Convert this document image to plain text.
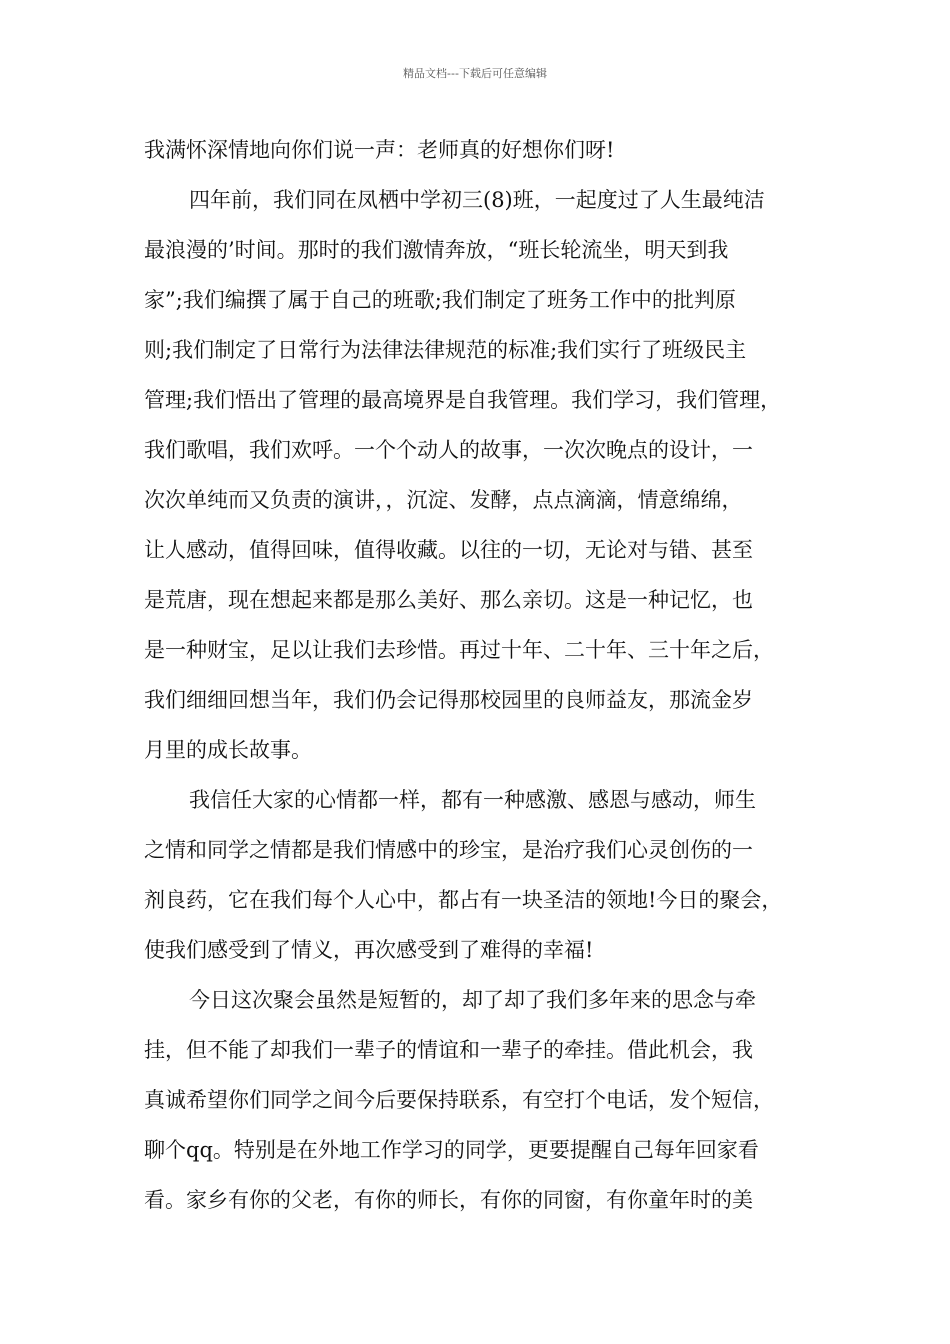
精品文档---下载后可任意编辑
我满怀深情地向你们说一声：老师真的好想你们呀!
四年前，我们同在凤栖中学初三(8)班，一起度过了人生最纯洁
最浪漫的’时间。那时的我们激情奔放，“班长轮流坐，明天到我
家”;我们编撰了属于自己的班歌;我们制定了班务工作中的批判原
则;我们制定了日常行为法律法律规范的标准;我们实行了班级民主
管理;我们悟出了管理的最高境界是自我管理。我们学习，我们管理，
我们歌唱，我们欢呼。一个个动人的故事，一次次晚点的设计，一
次次单纯而又负责的演讲，，沉淀、发酵，点点滴滴，情意绵绵，
让人感动，值得回味，值得收藏。以往的一切，无论对与错、甚至
是荒唐，现在想起来都是那么美好、那么亲切。这是一种记忆，也
是一种财宝，足以让我们去珍惜。再过十年、二十年、三十年之后，
我们细细回想当年，我们仍会记得那校园里的良师益友，那流金岁
月里的成长故事。
我信任大家的心情都一样，都有一种感激、感恩与感动，师生
之情和同学之情都是我们情感中的珍宝，是治疗我们心灵创伤的一
剂良药，它在我们每个人心中，都占有一块圣洁的领地!今日的聚会，
使我们感受到了情义，再次感受到了难得的幸福!
今日这次聚会虽然是短暂的，却了却了我们多年来的思念与牵
挂，但不能了却我们一辈子的情谊和一辈子的牵挂。借此机会，我
真诚希望你们同学之间今后要保持联系，有空打个电话，发个短信，
聊个qq。特别是在外地工作学习的同学，更要提醒自己每年回家看
看。家乡有你的父老，有你的师长，有你的同窗，有你童年时的美
